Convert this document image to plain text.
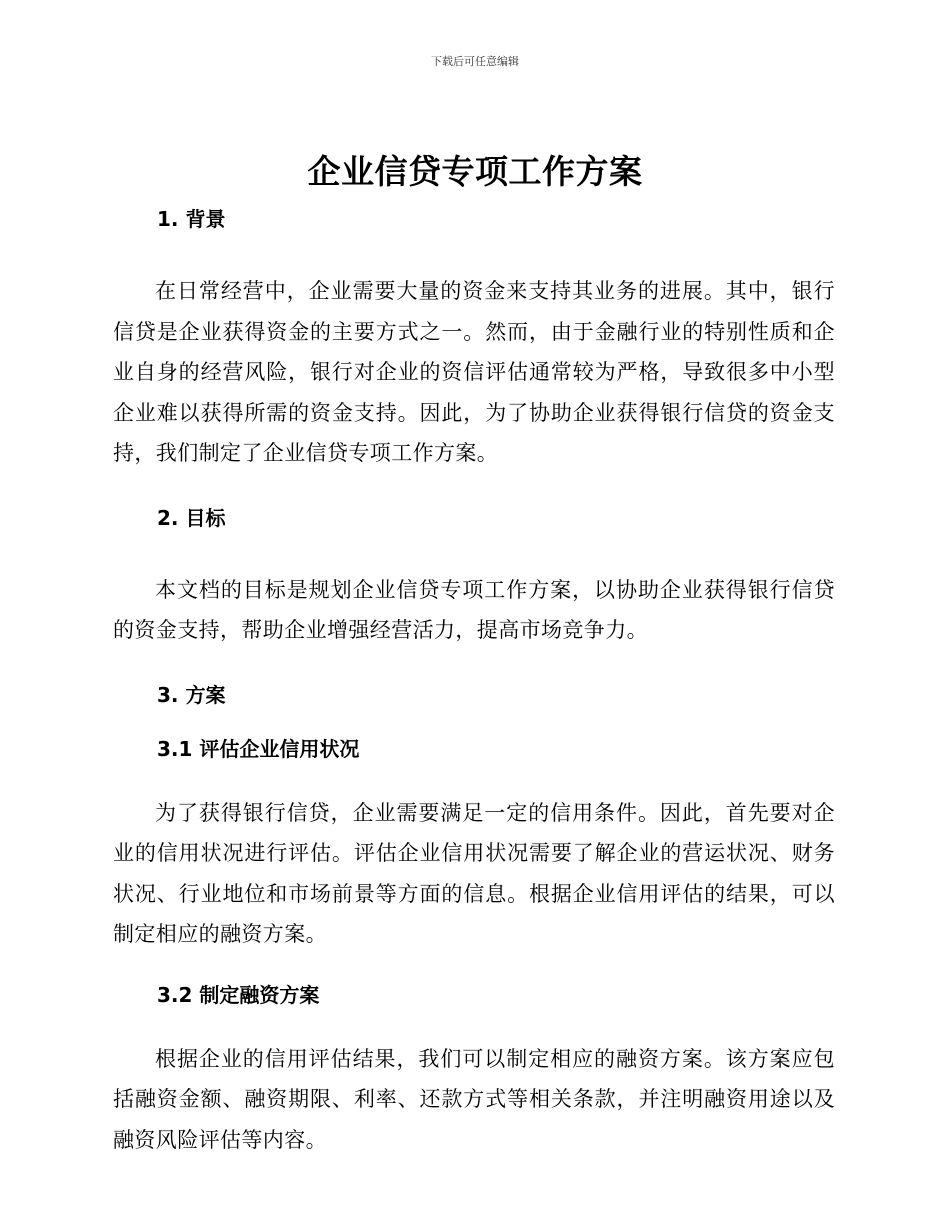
下载后可任意编辑
企业信贷专项工作方案
1. 背景

在日常经营中，企业需要大量的资金来支持其业务的进展。其中，银行信贷是企业获得资金的主要方式之一。然而，由于金融行业的特别性质和企业自身的经营风险，银行对企业的资信评估通常较为严格，导致很多中小型企业难以获得所需的资金支持。因此，为了协助企业获得银行信贷的资金支持，我们制定了企业信贷专项工作方案。

2. 目标

本文档的目标是规划企业信贷专项工作方案，以协助企业获得银行信贷的资金支持，帮助企业增强经营活力，提高市场竞争力。

3. 方案
3.1 评估企业信用状况

为了获得银行信贷，企业需要满足一定的信用条件。因此，首先要对企业的信用状况进行评估。评估企业信用状况需要了解企业的营运状况、财务状况、行业地位和市场前景等方面的信息。根据企业信用评估的结果，可以制定相应的融资方案。

3.2 制定融资方案

根据企业的信用评估结果，我们可以制定相应的融资方案。该方案应包括融资金额、融资期限、利率、还款方式等相关条款，并注明融资用途以及融资风险评估等内容。
